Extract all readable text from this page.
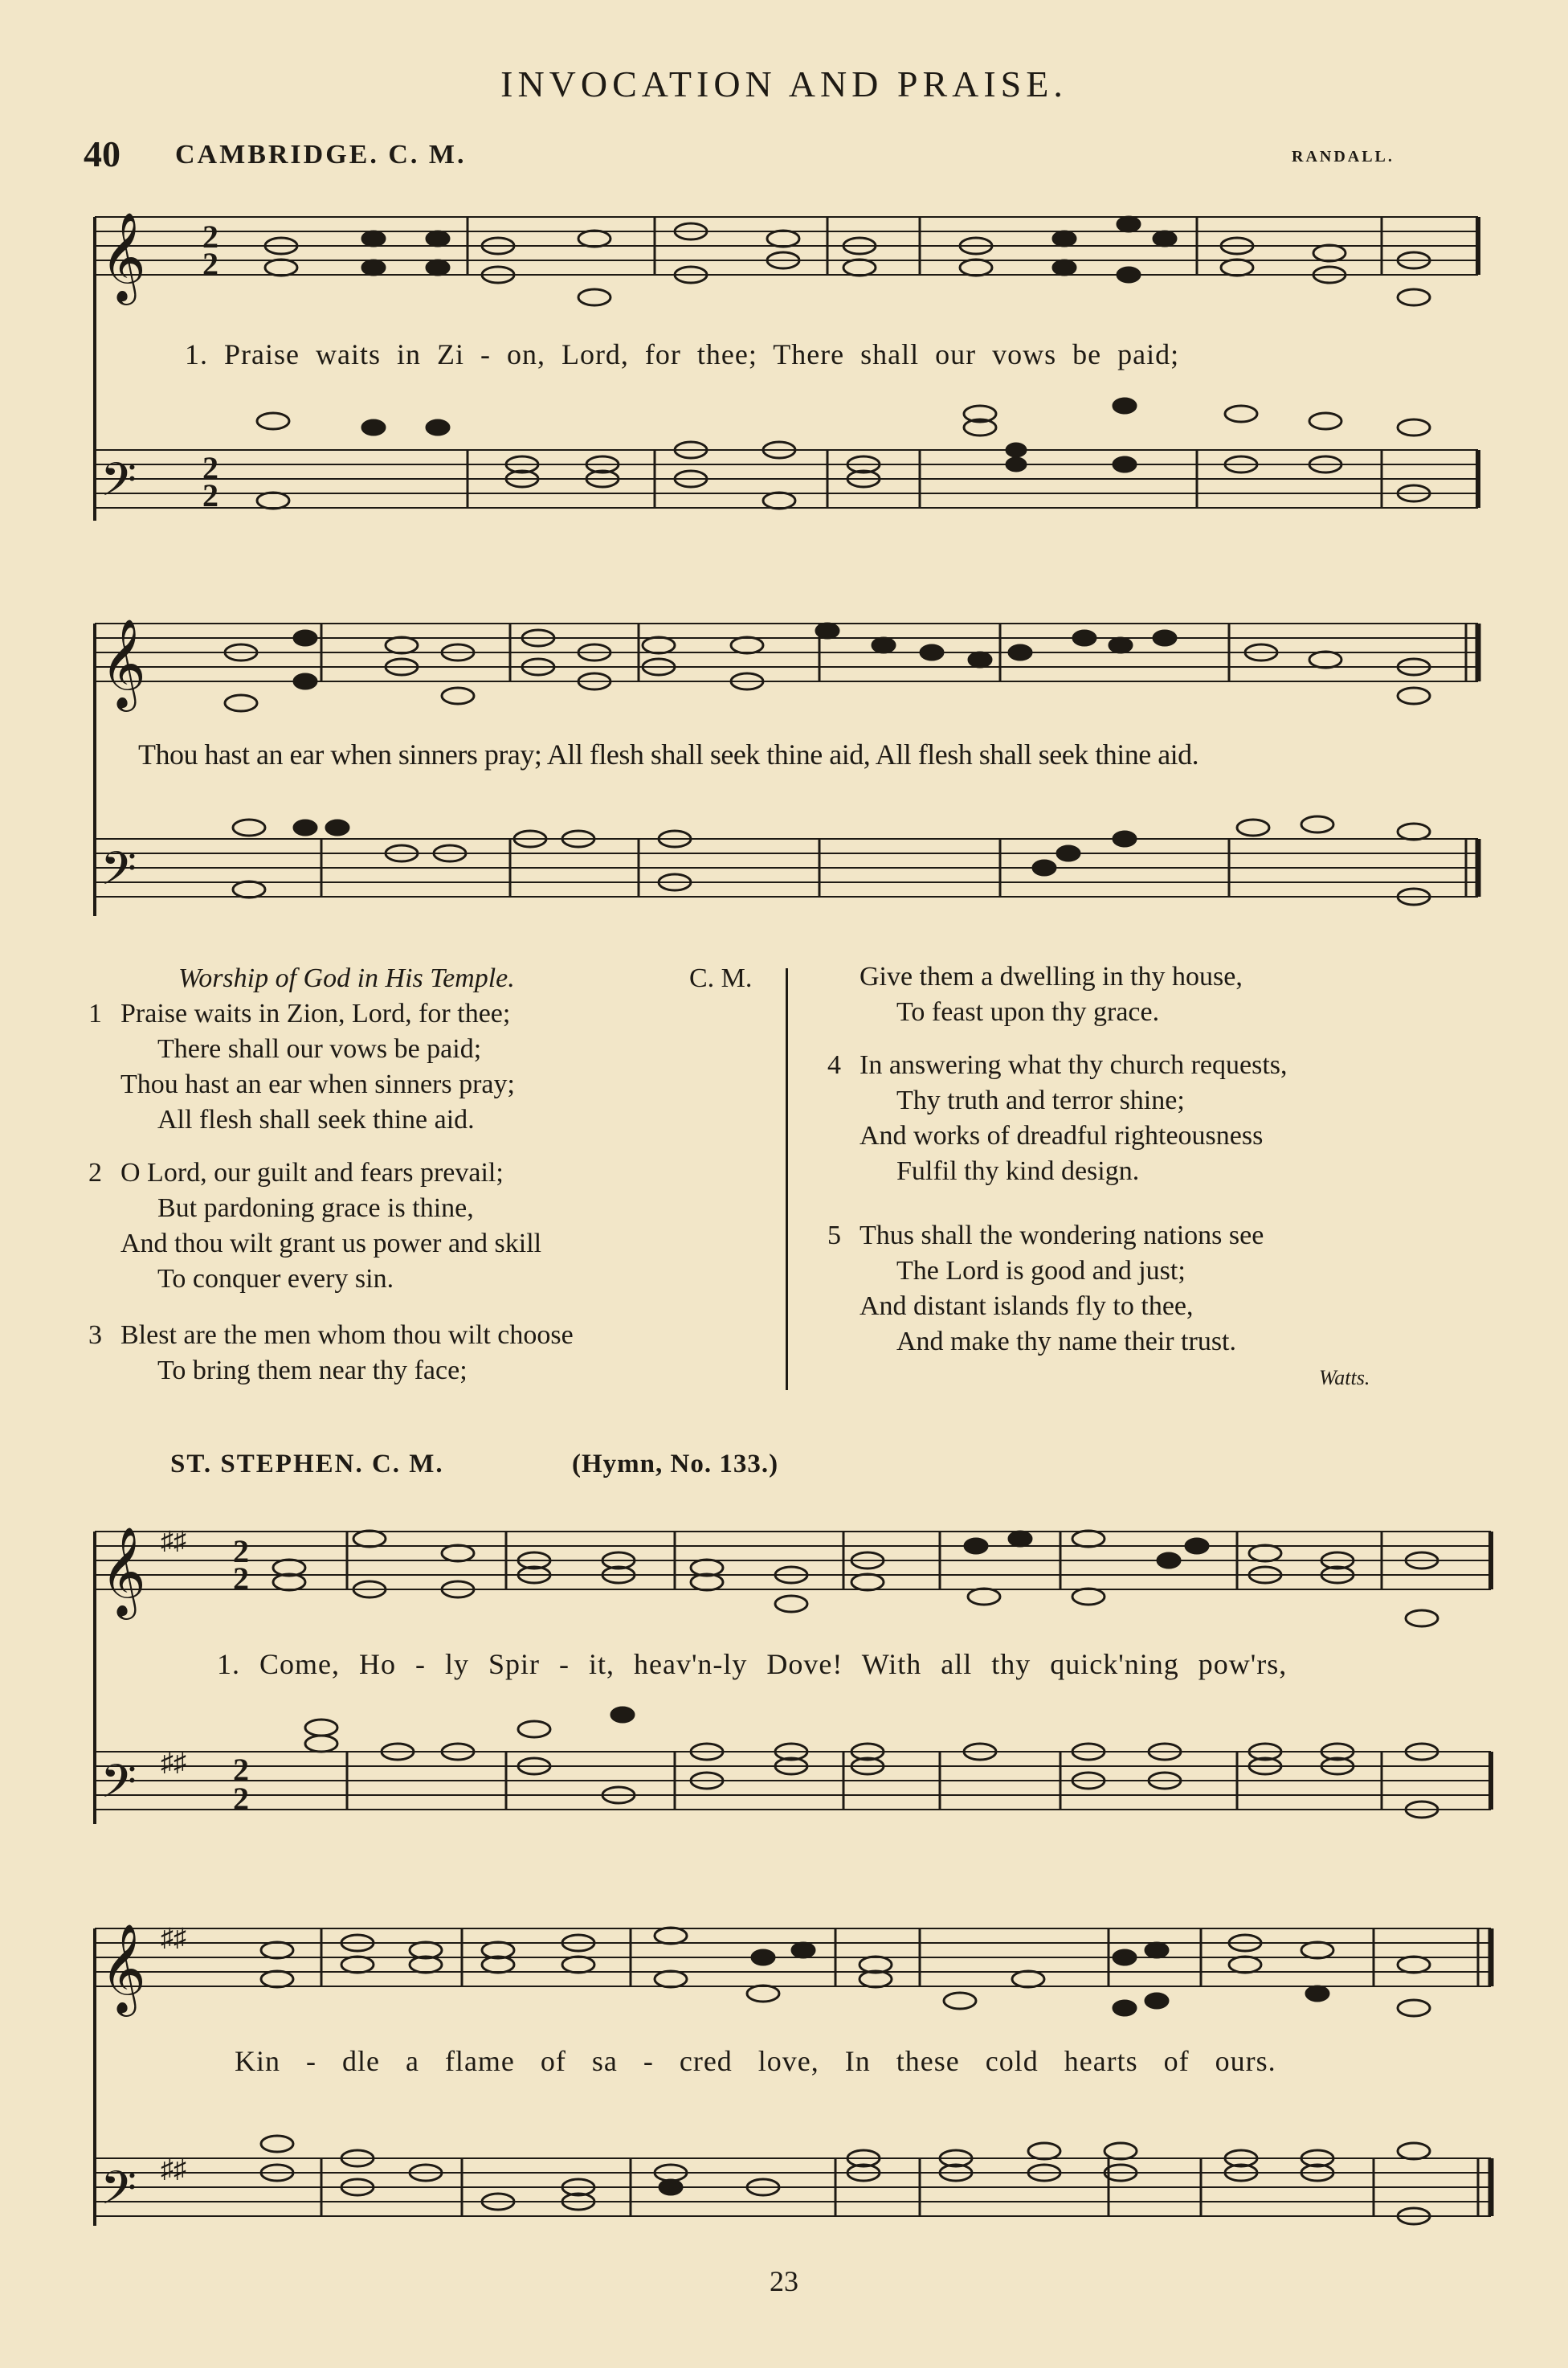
INVOCATION AND PRAISE.
40 CAMBRIDGE. C. M.	RANDALL.
𝄞
𝄢
2
2
2
2
1. Praise waits in Zi - on, Lord, for thee; There shall our vows be paid;
𝄞
𝄢
Thou hast an ear when sinners pray; All flesh shall seek thine aid, All flesh shall seek thine aid.
Worship of God in His Temple.	C. M.
1 Praise waits in Zion, Lord, for thee;
There shall our vows be paid;
Thou hast an ear when sinners pray;
All flesh shall seek thine aid.
2 O Lord, our guilt and fears prevail;
But pardoning grace is thine,
And thou wilt grant us power and skill
To conquer every sin.
3 Blest are the men whom thou wilt choose
To bring them near thy face;
Give them a dwelling in thy house,
To feast upon thy grace.
4 In answering what thy church requests,
Thy truth and terror shine;
And works of dreadful righteousness
Fulfil thy kind design.
5 Thus shall the wondering nations see
The Lord is good and just;
And distant islands fly to thee,
And make thy name their trust.
Watts.
ST. STEPHEN. C. M.	(Hymn, No. 133.)
𝄞
𝄢
♯♯
♯♯
2
2
2
2
1. Come, Ho - ly Spir - it, heav'n-ly Dove! With all thy quick'ning pow'rs,
𝄞
𝄢
♯♯
♯♯
Kin - dle a flame of sa - cred love, In these cold hearts of ours.
23
